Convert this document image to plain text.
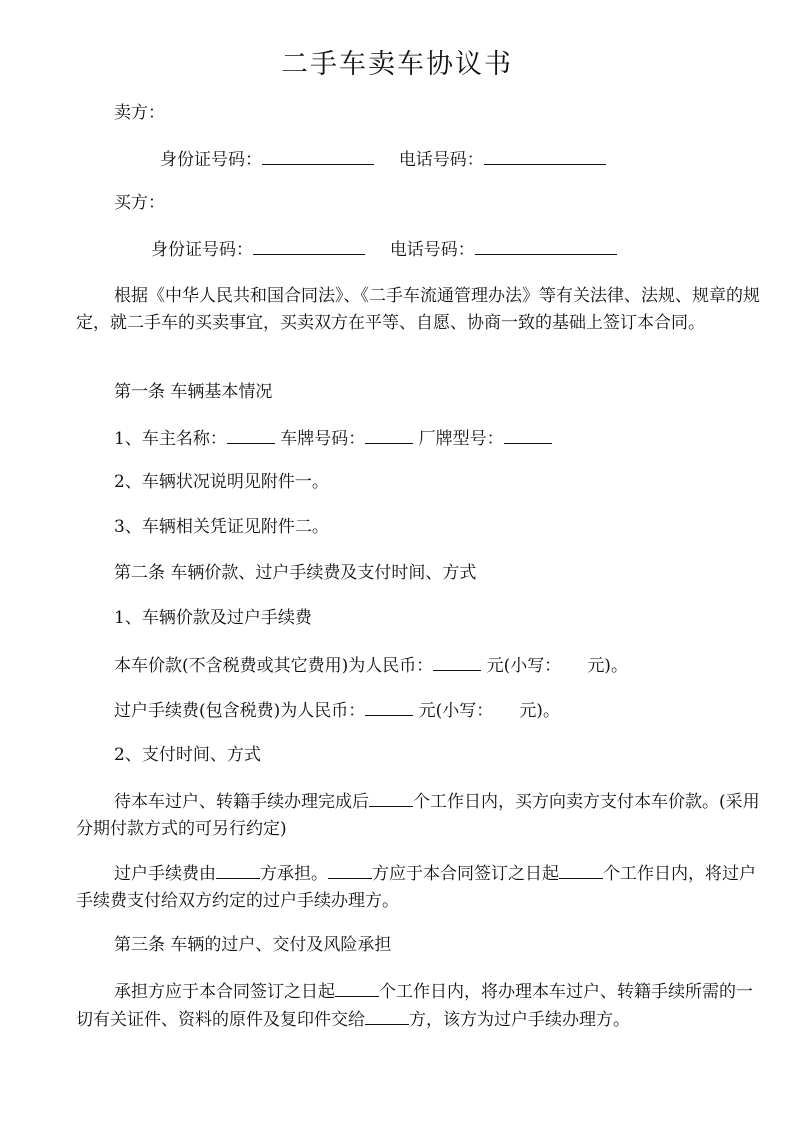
二手车卖车协议书

卖方：

身份证号码：	电话号码：

买方：

身份证号码：	电话号码：

根据《中华人民共和国合同法》、《二手车流通管理办法》等有关法律、法规、规章的规定，就二手车的买卖事宜，买卖双方在平等、自愿、协商一致的基础上签订本合同。

第一条 车辆基本情况

1、车主名称：	车牌号码：	厂牌型号：

2、车辆状况说明见附件一。

3、车辆相关凭证见附件二。

第二条 车辆价款、过户手续费及支付时间、方式

1、车辆价款及过户手续费

本车价款(不含税费或其它费用)为人民币：	元(小写： 元)。

过户手续费(包含税费)为人民币：	元(小写： 元)。

2、支付时间、方式

待本车过户、转籍手续办理完成后	个工作日内，买方向卖方支付本车价款。(采用分期付款方式的可另行约定)

过户手续费由	方承担。	方应于本合同签订之日起	个工作日内，将过户手续费支付给双方约定的过户手续办理方。

第三条 车辆的过户、交付及风险承担

承担方应于本合同签订之日起	个工作日内，将办理本车过户、转籍手续所需的一切有关证件、资料的原件及复印件交给	方，该方为过户手续办理方。
